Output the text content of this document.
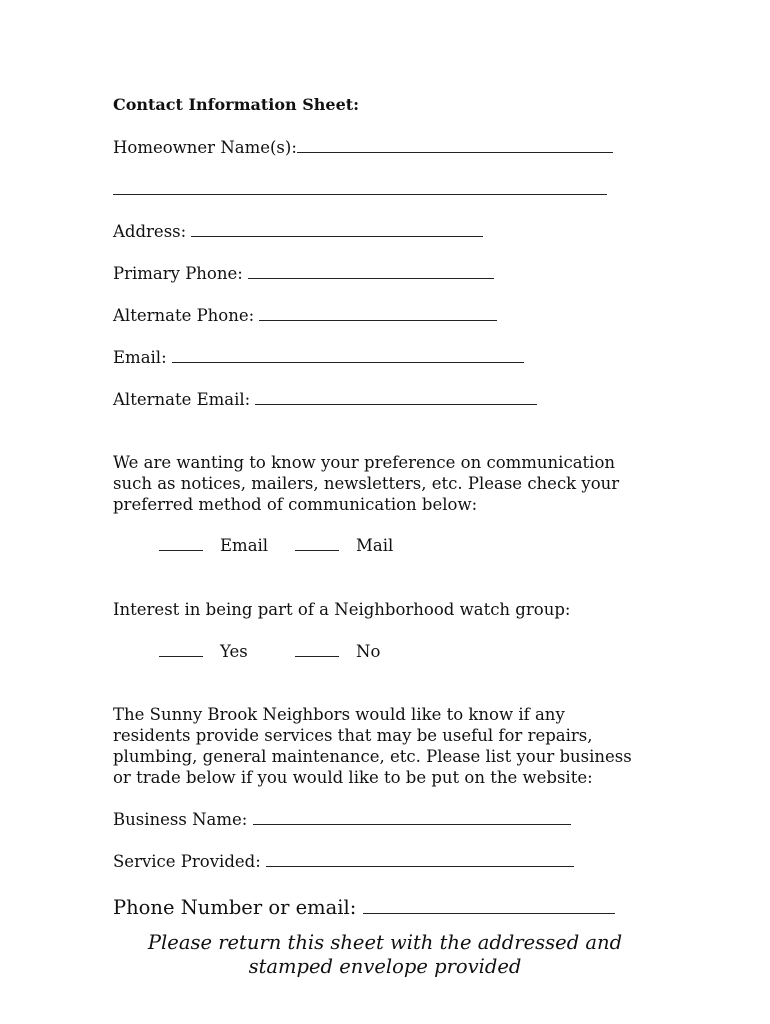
Contact Information Sheet:
Homeowner Name(s):
Address:
Primary Phone:
Alternate Phone:
Email:
Alternate Email:
We are wanting to know your preference on communication
such as notices, mailers, newsletters, etc. Please check your
preferred method of communication below:
Email	Mail
Interest in being part of a Neighborhood watch group:
Yes	No
The Sunny Brook Neighbors would like to know if any
residents provide services that may be useful for repairs,
plumbing, general maintenance, etc. Please list your business
or trade below if you would like to be put on the website:
Business Name:
Service Provided:
Phone Number or email:
Please return this sheet with the addressed and
stamped envelope provided
